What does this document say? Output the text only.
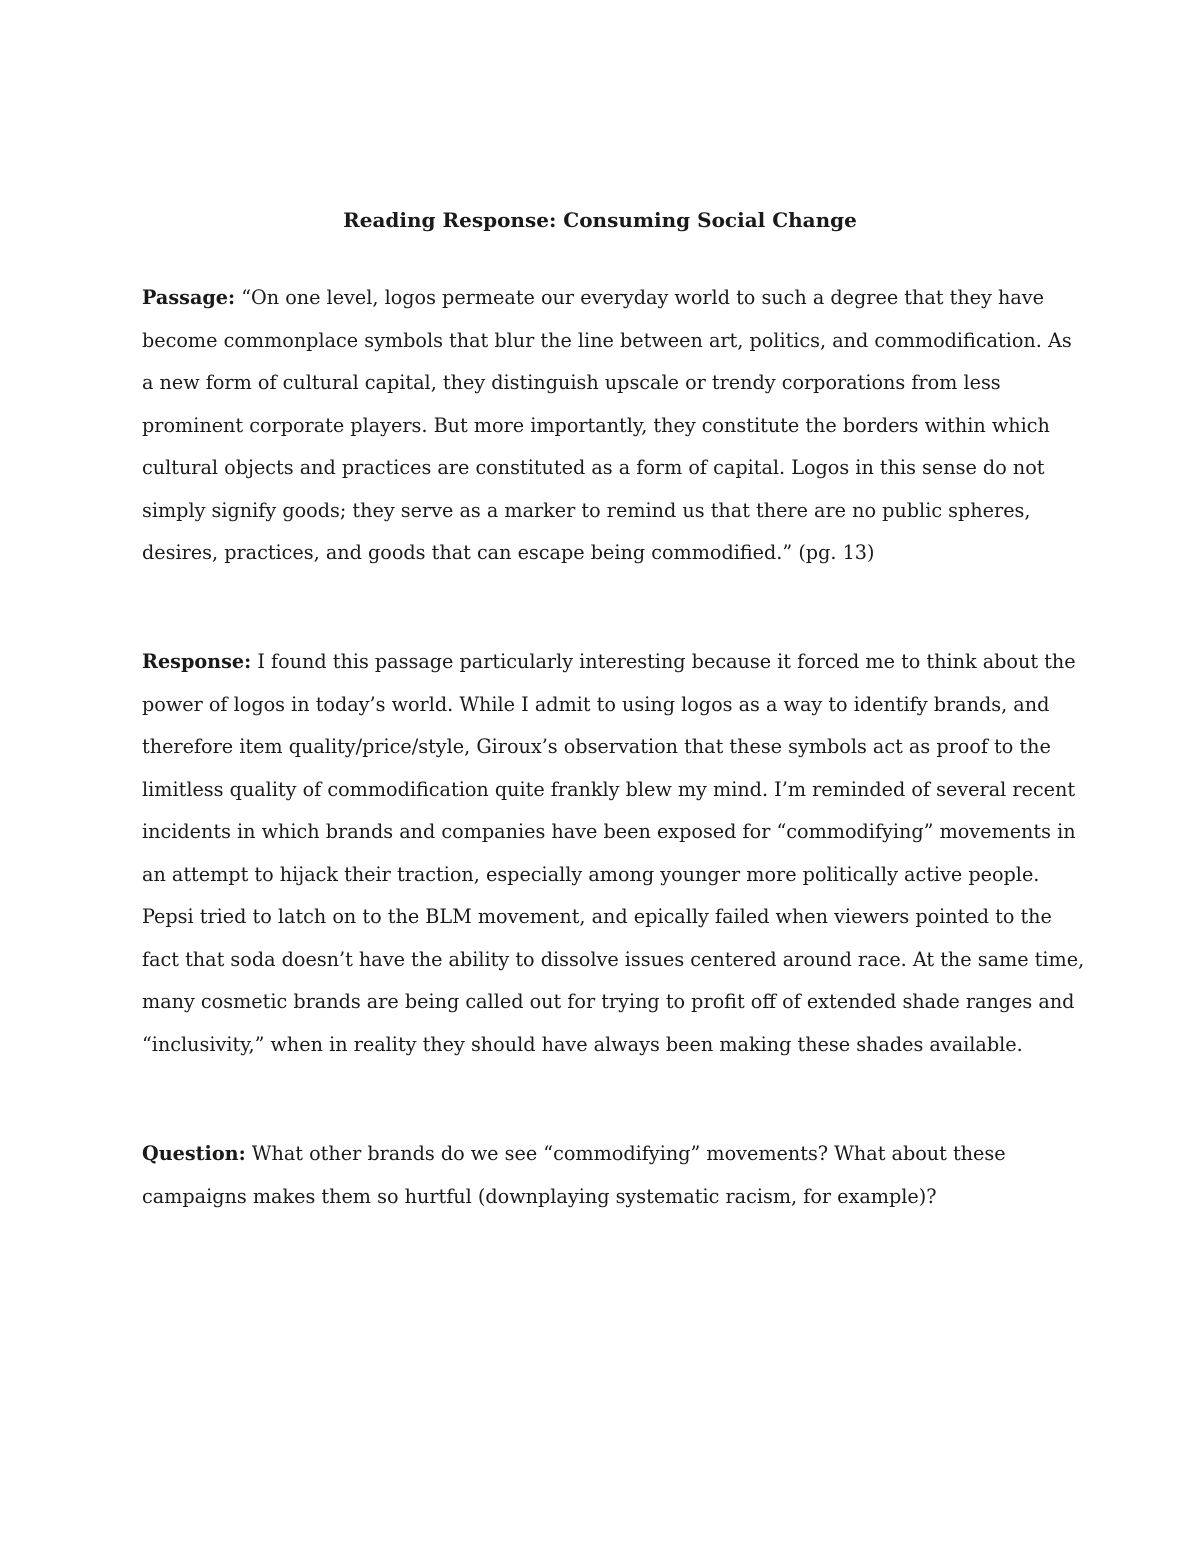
Reading Response: Consuming Social Change
Passage: “On one level, logos permeate our everyday world to such a degree that they have
become commonplace symbols that blur the line between art, politics, and commodification. As
a new form of cultural capital, they distinguish upscale or trendy corporations from less
prominent corporate players. But more importantly, they constitute the borders within which
cultural objects and practices are constituted as a form of capital. Logos in this sense do not
simply signify goods; they serve as a marker to remind us that there are no public spheres,
desires, practices, and goods that can escape being commodified.” (pg. 13)
Response: I found this passage particularly interesting because it forced me to think about the
power of logos in today’s world. While I admit to using logos as a way to identify brands, and
therefore item quality/price/style, Giroux’s observation that these symbols act as proof to the
limitless quality of commodification quite frankly blew my mind. I’m reminded of several recent
incidents in which brands and companies have been exposed for “commodifying” movements in
an attempt to hijack their traction, especially among younger more politically active people.
Pepsi tried to latch on to the BLM movement, and epically failed when viewers pointed to the
fact that soda doesn’t have the ability to dissolve issues centered around race. At the same time,
many cosmetic brands are being called out for trying to profit off of extended shade ranges and
“inclusivity,” when in reality they should have always been making these shades available.
Question: What other brands do we see “commodifying” movements? What about these
campaigns makes them so hurtful (downplaying systematic racism, for example)?
